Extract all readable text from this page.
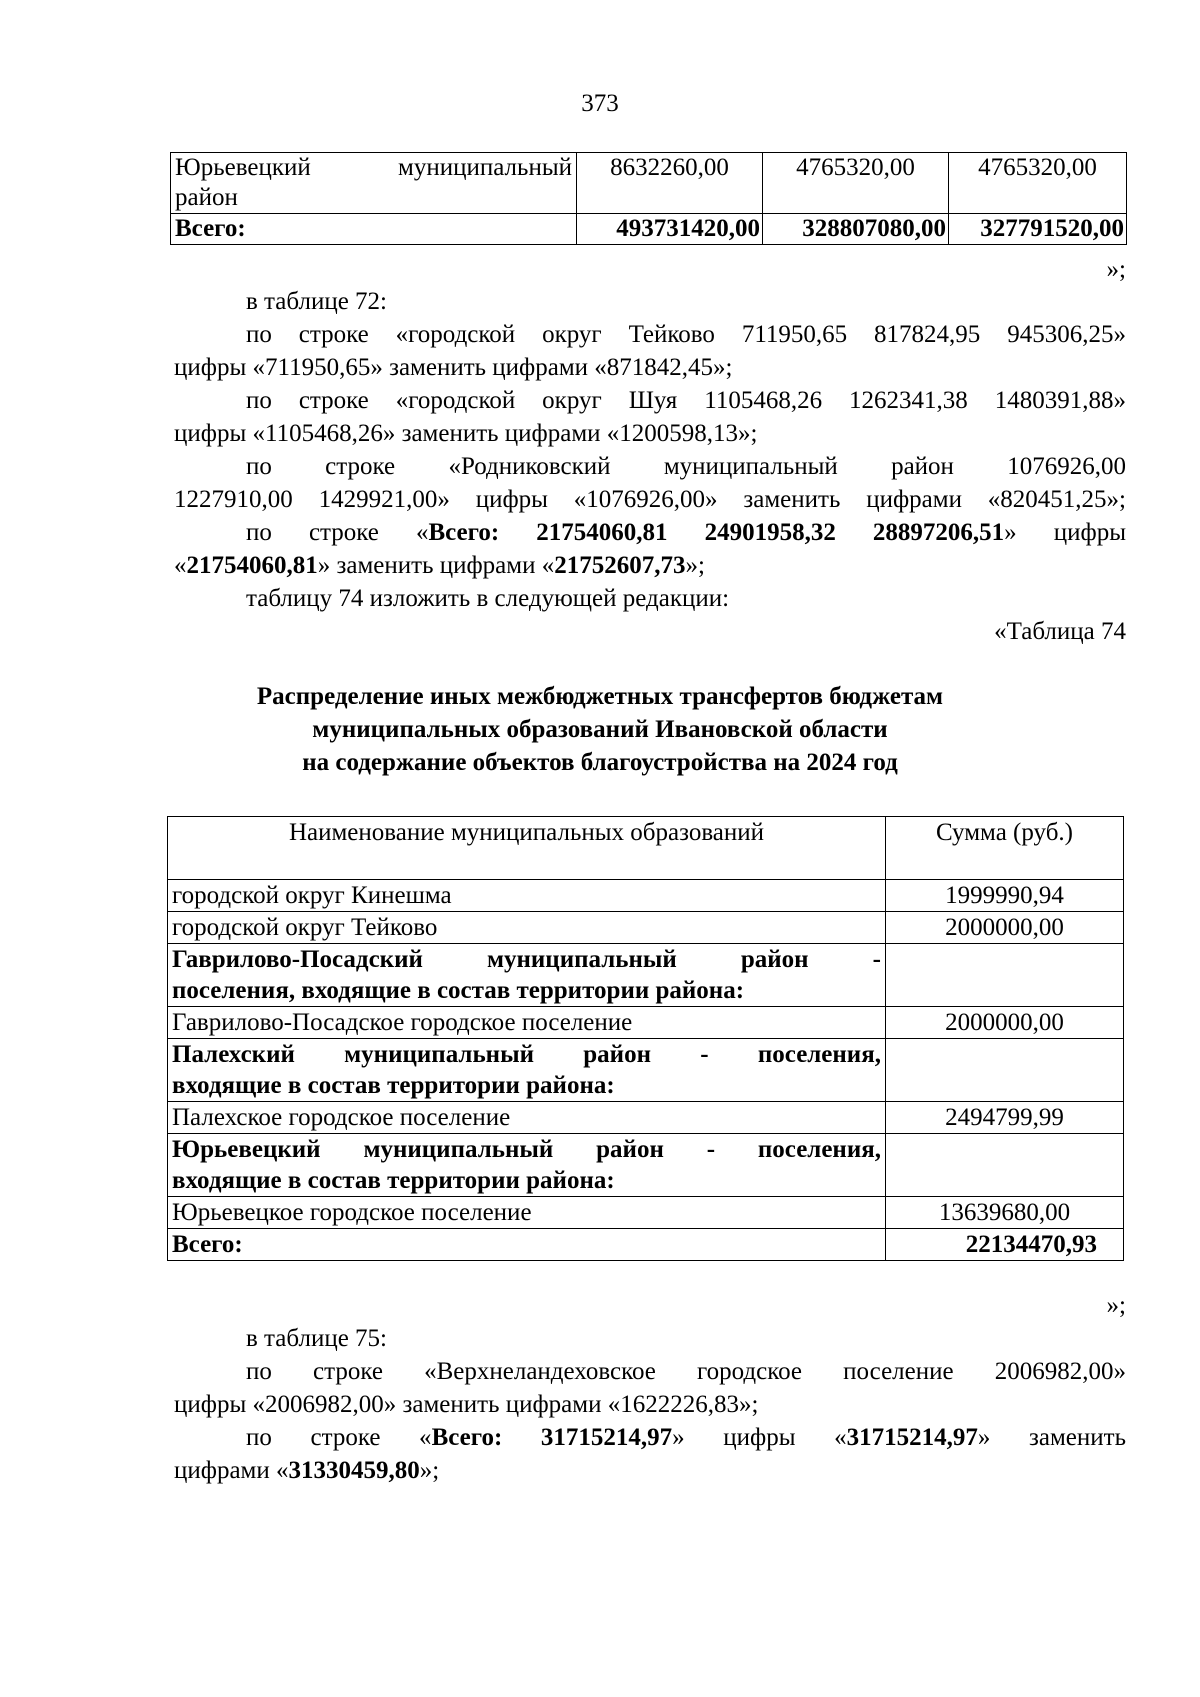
373
Юрьевецкий муниципальный
район	8632260,00	4765320,00	4765320,00
Всего:	493731420,00	328807080,00	327791520,00
»;
в таблице 72:
по строке «городской округ Тейково 711950,65 817824,95 945306,25»
цифры «711950,65» заменить цифрами «871842,45»;
по строке «городской округ Шуя 1105468,26 1262341,38 1480391,88»
цифры «1105468,26» заменить цифрами «1200598,13»;
по строке «Родниковский муниципальный район 1076926,00
1227910,00 1429921,00» цифры «1076926,00» заменить цифрами «820451,25»;
по строке «Всего: 21754060,81 24901958,32 28897206,51» цифры
«21754060,81» заменить цифрами «21752607,73»;
таблицу 74 изложить в следующей редакции:
«Таблица 74
Распределение иных межбюджетных трансфертов бюджетам
муниципальных образований Ивановской области
на содержание объектов благоустройства на 2024 год
Наименование муниципальных образований	Сумма (руб.)
городской округ Кинешма	1999990,94
городской округ Тейково	2000000,00

Гаврилово-Посадский муниципальный район -
поселения, входящие в состав территории района:	

Гаврилово-Посадское городское поселение	2000000,00

Палехский муниципальный район - поселения,
входящие в состав территории района:	

Палехское городское поселение	2494799,99

Юрьевецкий муниципальный район - поселения,
входящие в состав территории района:	

Юрьевецкое городское поселение	13639680,00
Всего:	22134470,93
»;
в таблице 75:
по строке «Верхнеландеховское городское поселение 2006982,00»
цифры «2006982,00» заменить цифрами «1622226,83»;
по строке «Всего: 31715214,97» цифры «31715214,97» заменить
цифрами «31330459,80»;
